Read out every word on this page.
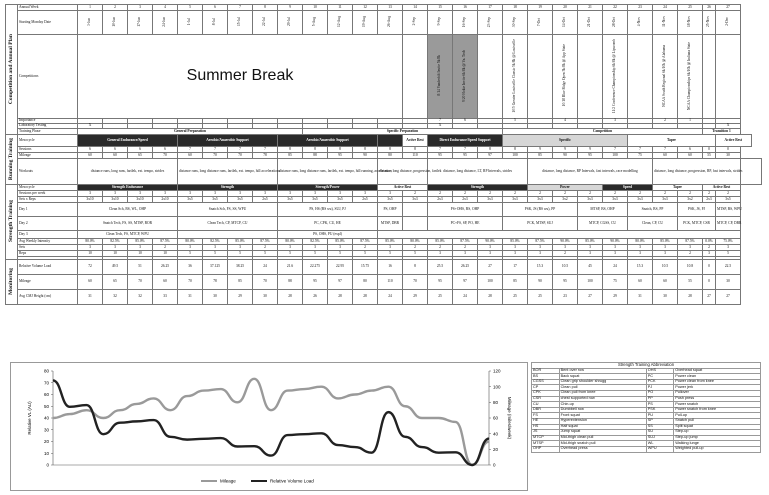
Competition and Annual Plan	Annual Week	1	2	3	4	5	6	7	8	9	10	11	12	13	14	15	16	17	18	19	20	21	22	23	24	25	26	27	
	Starting Monday Date	3-Jun	10-Jun	17-Jun	24-Jun	1-Jul	8-Jul	15-Jul	22-Jul	29-Jul	5-Aug	12-Aug	19-Aug	26-Aug	2-Sep	9-Sep	16-Sep	23-Sep	30-Sep	7-Oct	14-Oct	21-Oct	28-Oct	4-Nov	11-Nov	18-Nov	25-Nov	2-Dec	
	Competitions	Summer Break														8/14 Vanderbilt Invite 5k/8k	9/20 Hokie Invite 6k/8k @ Va. Tech		10/5 Greater Louisville Classic 5k/8k @ Louisville		10/18 Blue Ridge Open 5k/8k @ App State		11/2 Conference Championship 6k/8k @ Lipscomb		NCAA South Regional 6k/10k @ Alabama	NCAA Championships 6k/10k @ Indiana State			
	Importance															7	6		5		4		3		2	1			
	Laboratory Testing	X														X												X	
	Training Phase	General Preparation									Specific Preparation								Competition								Transition 1		
Running Training	Mesocycle	General Endurance/Speed				Aerobic/Anaerobic Support				Aerobic/Anaerobic Support					Active Rest	Direct Endurance/Speed Support			Specific					Taper				Active Rest	
	Sessions	6	6	6	6	7	7	7	7	8	8	8	8	8	8	7	7	8	8	9	9	9	7	7	7	6	0	0	
	Mileage	60	60	65	70	60	70	70	78	85	88	95	90	80	110	95	95	97	100	85	90	95	100	75	60	60	55	30	
	Workouts	distance runs, long runs, fartlek, ext. tempo, strides				distance runs, long distance runs, fartlek, ext. tempo, hill accelerations				distance runs, long distance runs, fartlek, ext. tempo, hill running, acceleration				distance, long distance, progression, fartlek		distance, long distance, LT, RP Intervals, strides				distance, long distance, RP Intervals, fast intervals, race modelling					distance, long distance, progression, RP, fast intervals, strides				
Strength Training	Mesocycle	Strength Endurance				Strength				Strength/Power				Active Rest		Strength				Power			Speed		Taper		Active Rest		
	Sessions per week	3	3	3	3	3	3	3	3	3	3	3	3	3	2	2	2	2	2	2	2	2	2	2	2	2	2	2	
	Sets x Reps	3x10	3x10	3x10	2x10	3x5	3x5	3x5	2x5	3x5	3x5	3x5	2x5	3x5	3x3	2x3	2x3	3x3	3x3	3x3	3x2	3x3	3x3	3x3	3x3	3x2	2x3	3x5	
	Day 1	Clean Sch, BS, WL, OHP				Snatch Sch, FS, SS, WPU				PS, HS (BS wu), SUJ, PJ				PS, OHP		PS+OHS, BS, OHP			PSK, JS (BS wu), PP			MTSP, BS, OHP		Snatch, BS, PP		PSK, JS, PJ		MTSP, BS, WPU	
	Day 2	Snatch Tech, FS, SS, MTSP, BOR				Clean Tech, CP, MTCP, CU				PC, CPK, CU, HE				MTSP, DBR		PC+FS, SP, PO, HE			PCK, MTSP, SUJ			MTCP, CGSS, CU		Clean, CP, CU		PCK, MTCP, CSR		MTCP, CP, DBR	
	Day 3	Clean Tech, FS, MTCP, WPU								PS, OHS, PU (expl)																			
	Avg Weekly Intensity	80.0%	82.5%	85.0%	87.5%	80.0%	82.5%	85.0%	87.5%	80.0%	82.5%	85.0%	87.5%	85.0%	80.0%	85.0%	87.5%	90.0%	85.0%	87.5%	90.0%	85.0%	90.0%	80.0%	85.0%	87.5%	0.0%	75.0%	
	Sets	3	3	3	2	3	3	3	2	3	3	3	2	3	2	2	2	3	3	3	3	3	3	3	3	3	2	3	
	Reps	10	10	10	10	5	5	5	5	5	5	5	5	5	5	3	3	3	3	3	2	3	3	3	3	2	3	5	

Monitoring	Relative Volume Load	72	49.5	51	26.25	36	37.125	38.25	24	21.6	22.275	22.95	15.75	16	8	25.5	26.25	27	17	15.3	10.5	45	24	15.3	10.5	10.8	0	22.5	
	Mileage	60	65	70	60	70	78	85	70	88	95	97	80	110	70	95	97	100	85	90	95	100	75	60	60	55	0	30	
	Avg CMJ Height (cm)	31	32	32	33	31	30	29	30	28	26	28	28	24	29	25	24	28	25	25	23	27	29	31	30	28	27	27	
0
10
20
30
40
50
60
70
80
0
20
40
60
80
100
120
Relative VL (AU)	Mileage (miles/week)
Mileage	Relative Volume Load
Strength Training Abbreviation			
BOR	Bent over row	OHS	Overhead squat
BS	Back squat	PC	Power clean
CGSS	Clean grip shoulder shrugg	PCK	Power clean from knee
CP	Clean pull	PJ	Power jerk
CPK	Clean pull from knee	PO	Pullover
CSR	chest supported row	PP	Push press
CU	Chin-up	PS	Power snatch
DBR	Dumbbell row	PSK	Power snatch from knee
FS	Front squat	PU	Pull-up
HE	Hyperextension	SP	Snatch pull
HS	Half squat	SS	Split squat
JS	Jump squat	SU	Step-up
MTCP	Mid-thigh clean pull	SUJ	Step-up jump
MTSP	Mid-thigh snatch pull	WL	Walking lunge
OHP	Overhead press	WPU	Weighted pull-up
